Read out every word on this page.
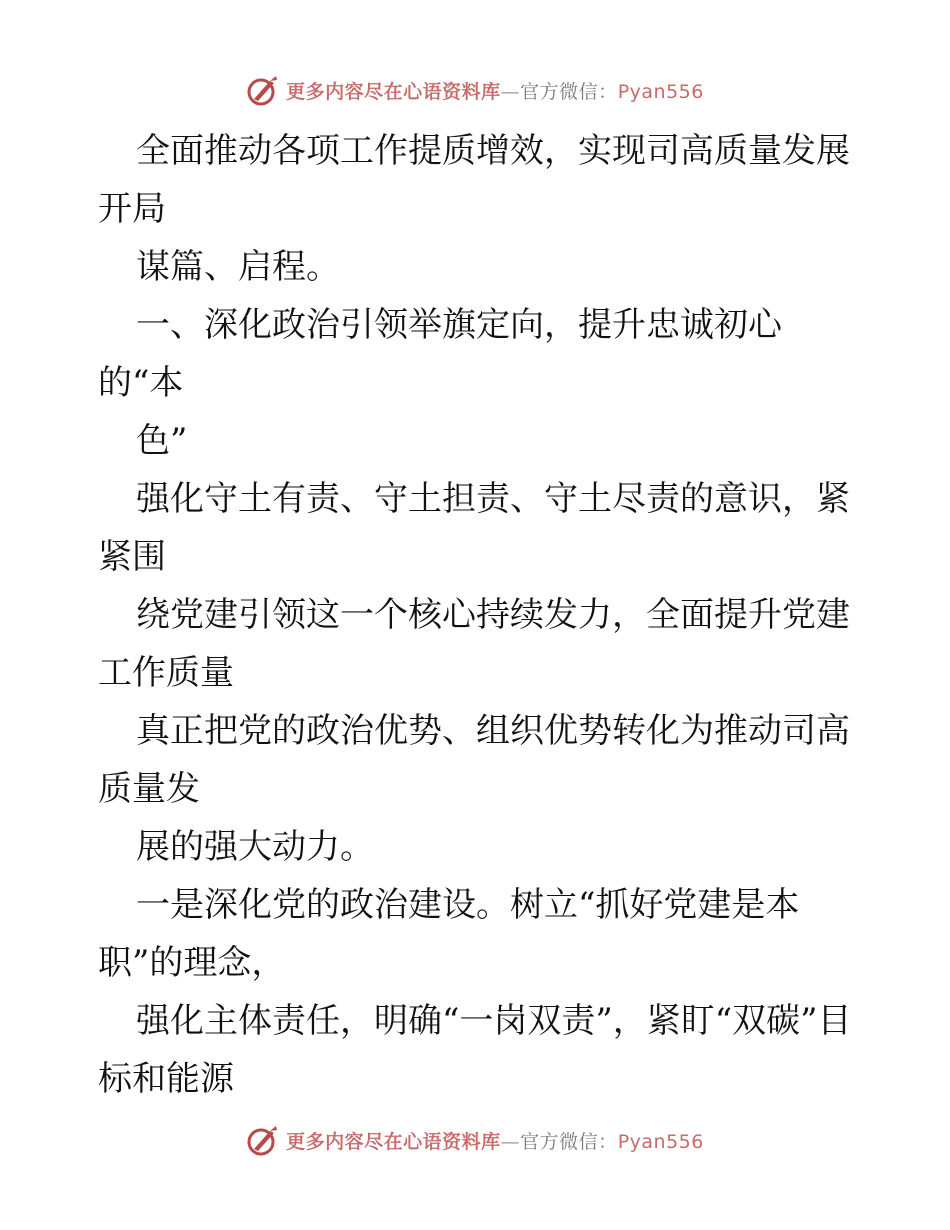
更多内容尽在心语资料库—官方微信：Pyan556

全面推动各项工作提质增效，实现司高质量发展开局

谋篇、启程。

一、深化政治引领举旗定向，提升忠诚初心的“本

色”

强化守土有责、守土担责、守土尽责的意识，紧紧围

绕党建引领这一个核心持续发力，全面提升党建工作质量

真正把党的政治优势、组织优势转化为推动司高质量发

展的强大动力。

一是深化党的政治建设。树立“抓好党建是本职”的理念，

强化主体责任，明确“一岗双责”，紧盯“双碳”目标和能源

更多内容尽在心语资料库—官方微信：Pyan556
